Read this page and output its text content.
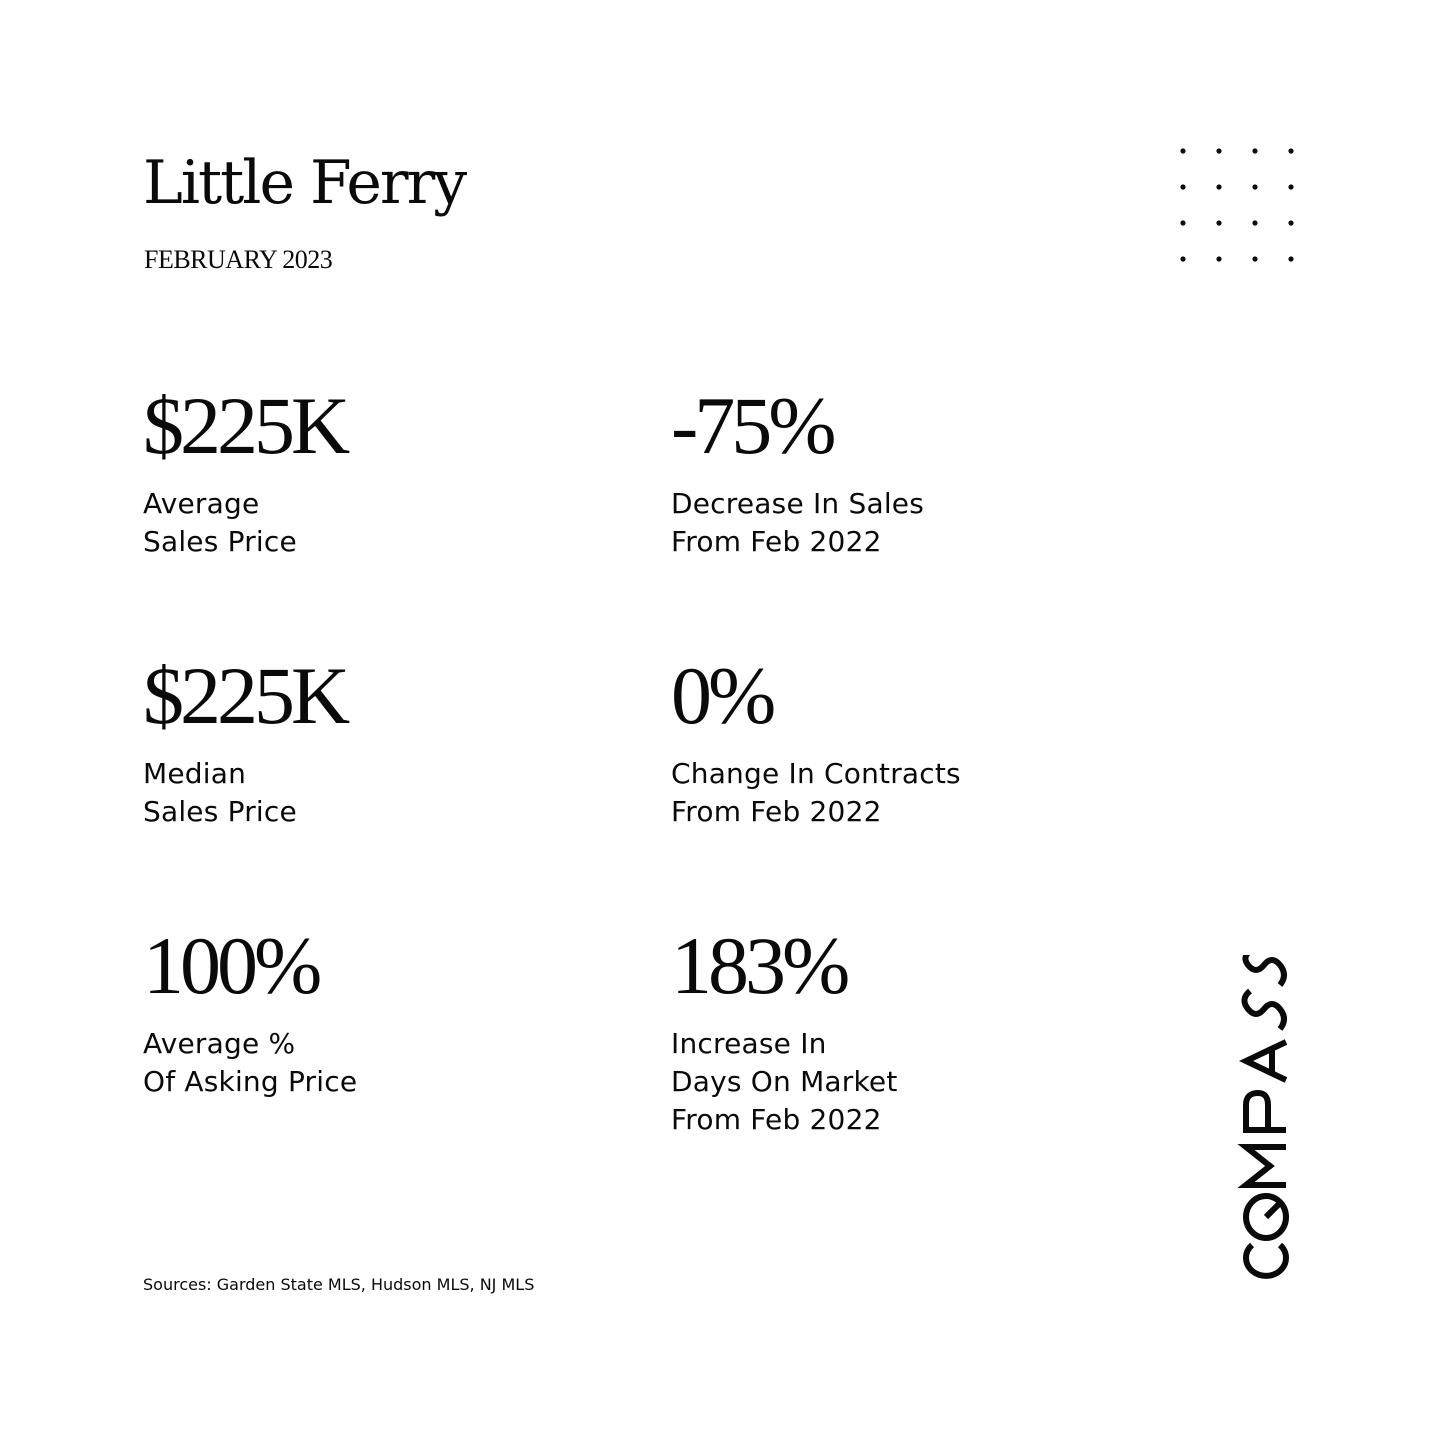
Little Ferry
FEBRUARY 2023
$225K
Average
Sales Price
-75%
Decrease In Sales
From Feb 2022
$225K
Median
Sales Price
0%
Change In Contracts
From Feb 2022
100%
Average %
Of Asking Price
183%
Increase In
Days On Market
From Feb 2022
Sources: Garden State MLS, Hudson MLS, NJ MLS
